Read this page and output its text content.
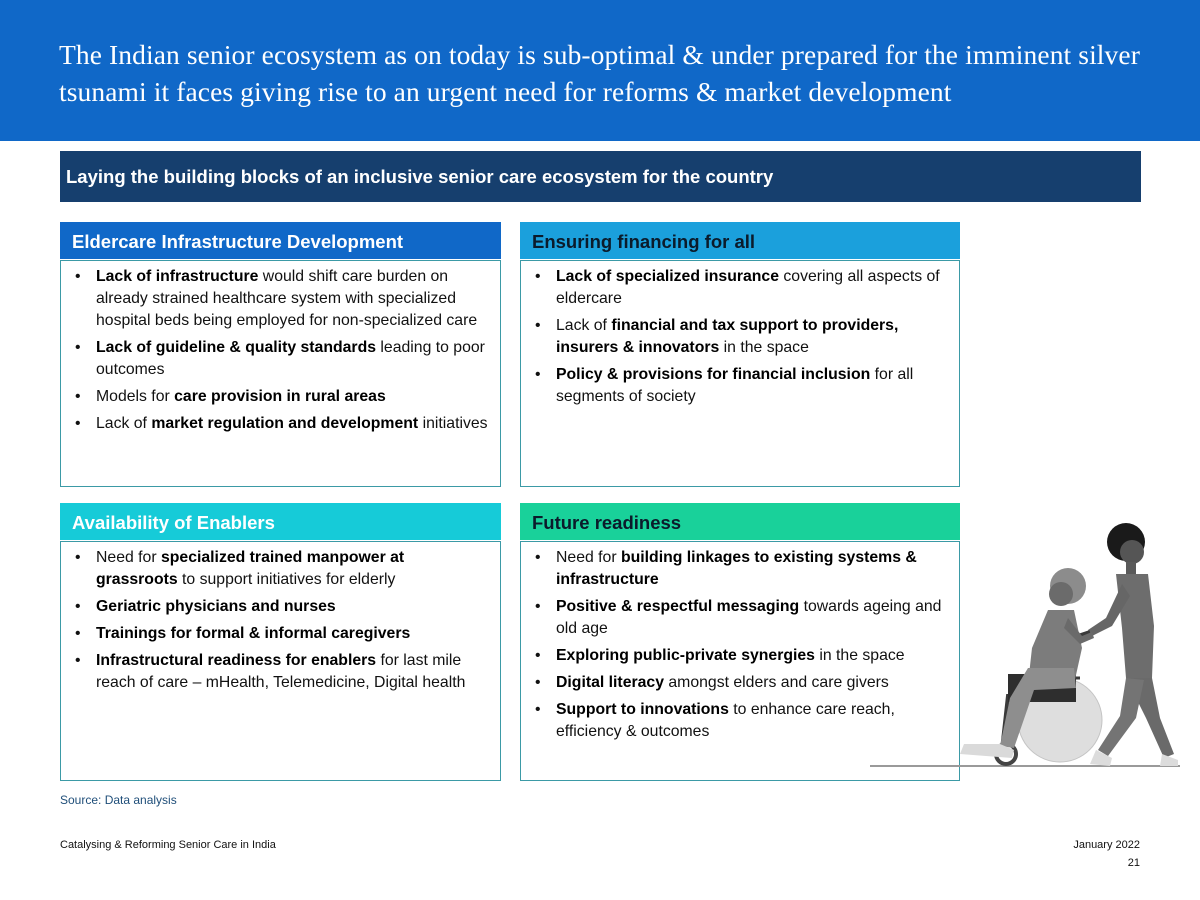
The Indian senior ecosystem as on today is sub-optimal & under prepared for the imminent silver tsunami it faces giving rise to an urgent need for reforms & market development
Laying the building blocks of an inclusive senior care ecosystem for the country
Eldercare Infrastructure Development
• Lack of infrastructure would shift care burden on already strained healthcare system with specialized hospital beds being employed for non-specialized care
• Lack of guideline & quality standards leading to poor outcomes
• Models for care provision in rural areas
• Lack of market regulation and development initiatives
Ensuring financing for all
• Lack of specialized insurance covering all aspects of eldercare
• Lack of financial and tax support to providers, insurers & innovators in the space
• Policy & provisions for financial inclusion for all segments of society
Availability of Enablers
• Need for specialized trained manpower at grassroots to support initiatives for elderly
• Geriatric physicians and nurses
• Trainings for formal & informal caregivers
• Infrastructural readiness for enablers for last mile reach of care – mHealth, Telemedicine, Digital health
Future readiness
• Need for building linkages to existing systems & infrastructure
• Positive & respectful messaging towards ageing and old age
• Exploring public-private synergies in the space
• Digital literacy amongst elders and care givers
• Support to innovations to enhance care reach, efficiency & outcomes
Source: Data analysis
Catalysing & Reforming Senior Care in India	January 2022
21
